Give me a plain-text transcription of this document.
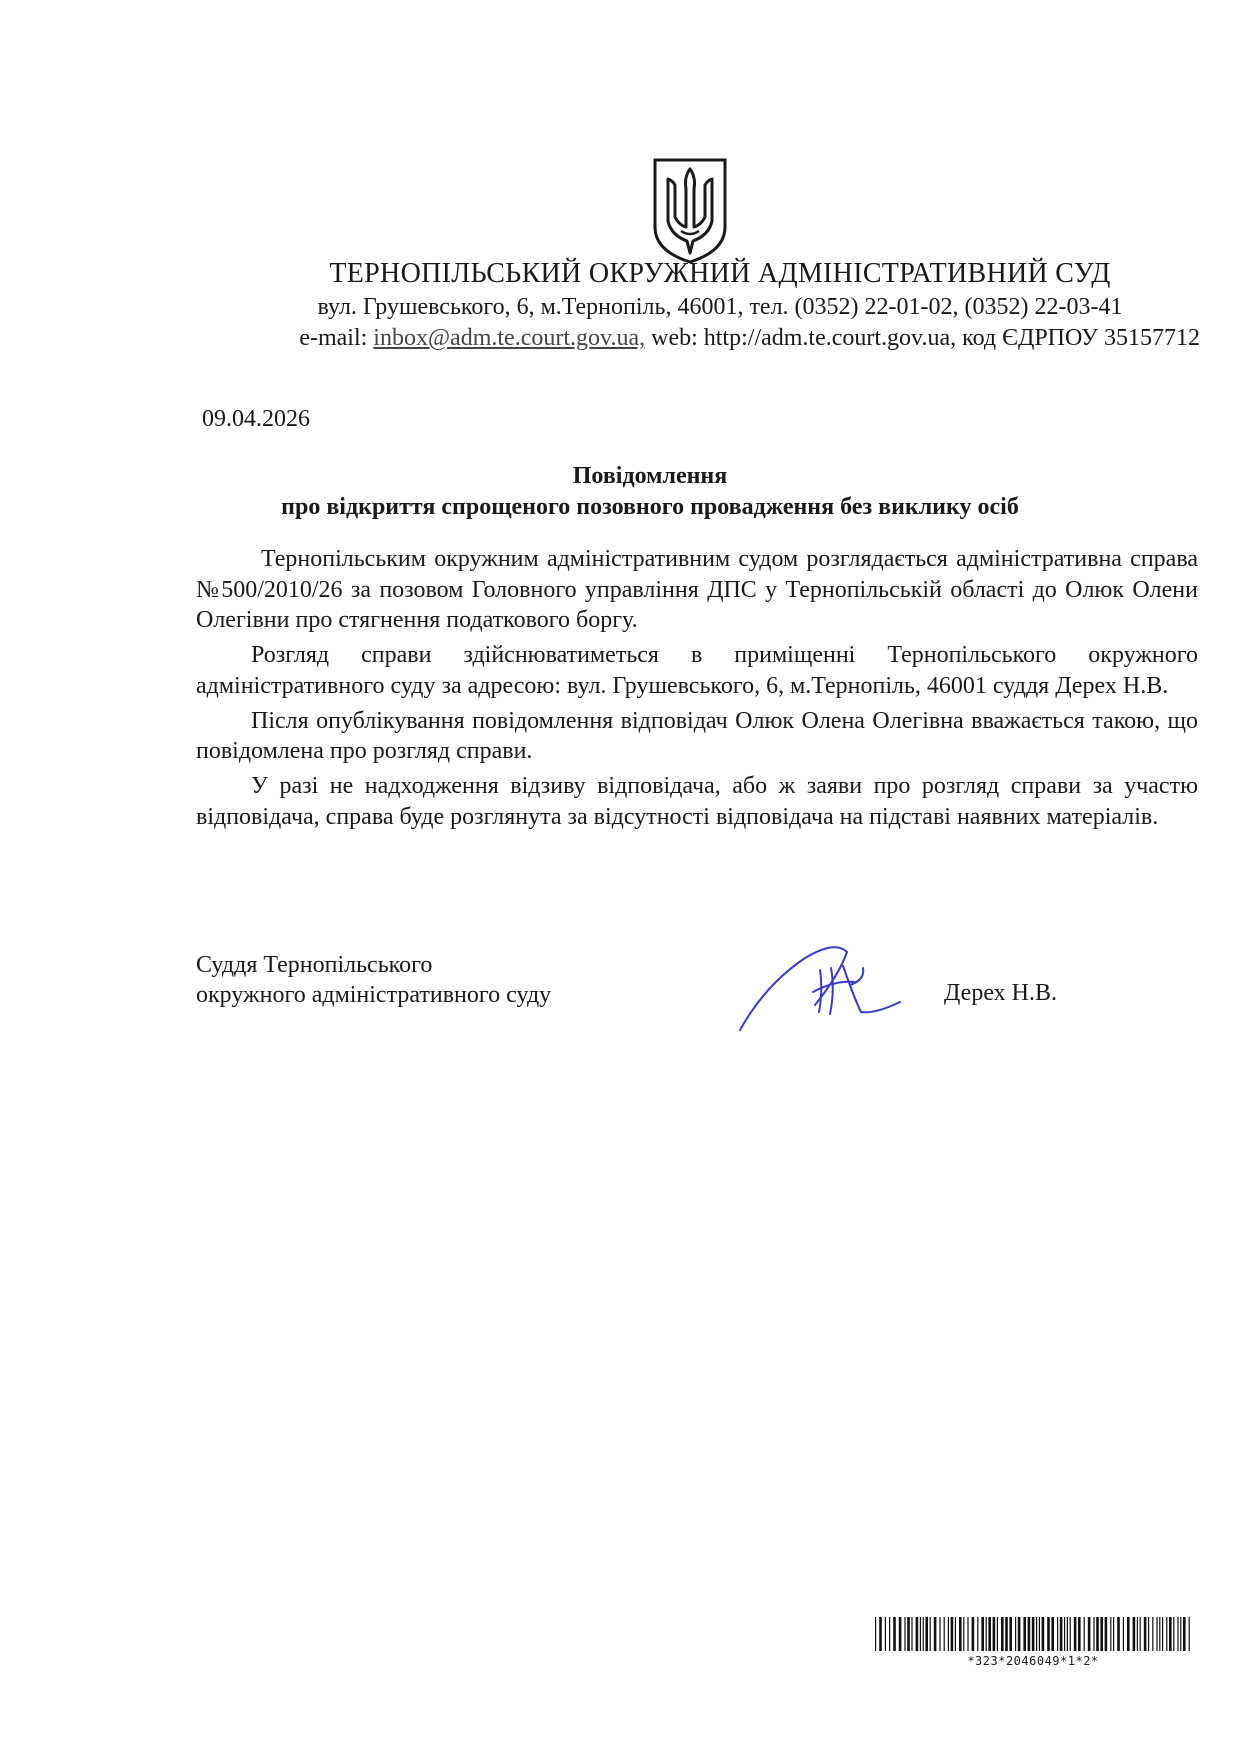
ТЕРНОПІЛЬСЬКИЙ ОКРУЖНИЙ АДМІНІСТРАТИВНИЙ СУД
вул. Грушевського, 6, м.Тернопіль, 46001, тел. (0352) 22-01-02, (0352) 22-03-41
e-mail: inbox@adm.te.court.gov.ua, web: http://adm.te.court.gov.ua, код ЄДРПОУ 35157712
09.04.2026
Повідомлення
про відкриття спрощеного позовного провадження без виклику осіб

Тернопільським окружним адміністративним судом розглядається адміністративна справа №500/2010/26 за позовом Головного управління ДПС у Тернопільській області до Олюк Олени Олегівни про стягнення податкового боргу.

Розгляд справи здійснюватиметься в приміщенні Тернопільського окружного адміністративного суду за адресою: вул. Грушевського, 6, м.Тернопіль, 46001 суддя Дерех Н.В.

Після опублікування повідомлення відповідач Олюк Олена Олегівна вважається такою, що повідомлена про розгляд справи.

У разі не надходження відзиву відповідача, або ж заяви про розгляд справи за участю відповідача, справа буде розглянута за відсутності відповідача на підставі наявних матеріалів.

Суддя Тернопільського
окружного адміністративного суду	Дерех Н.В.
*323*2046049*1*2*
